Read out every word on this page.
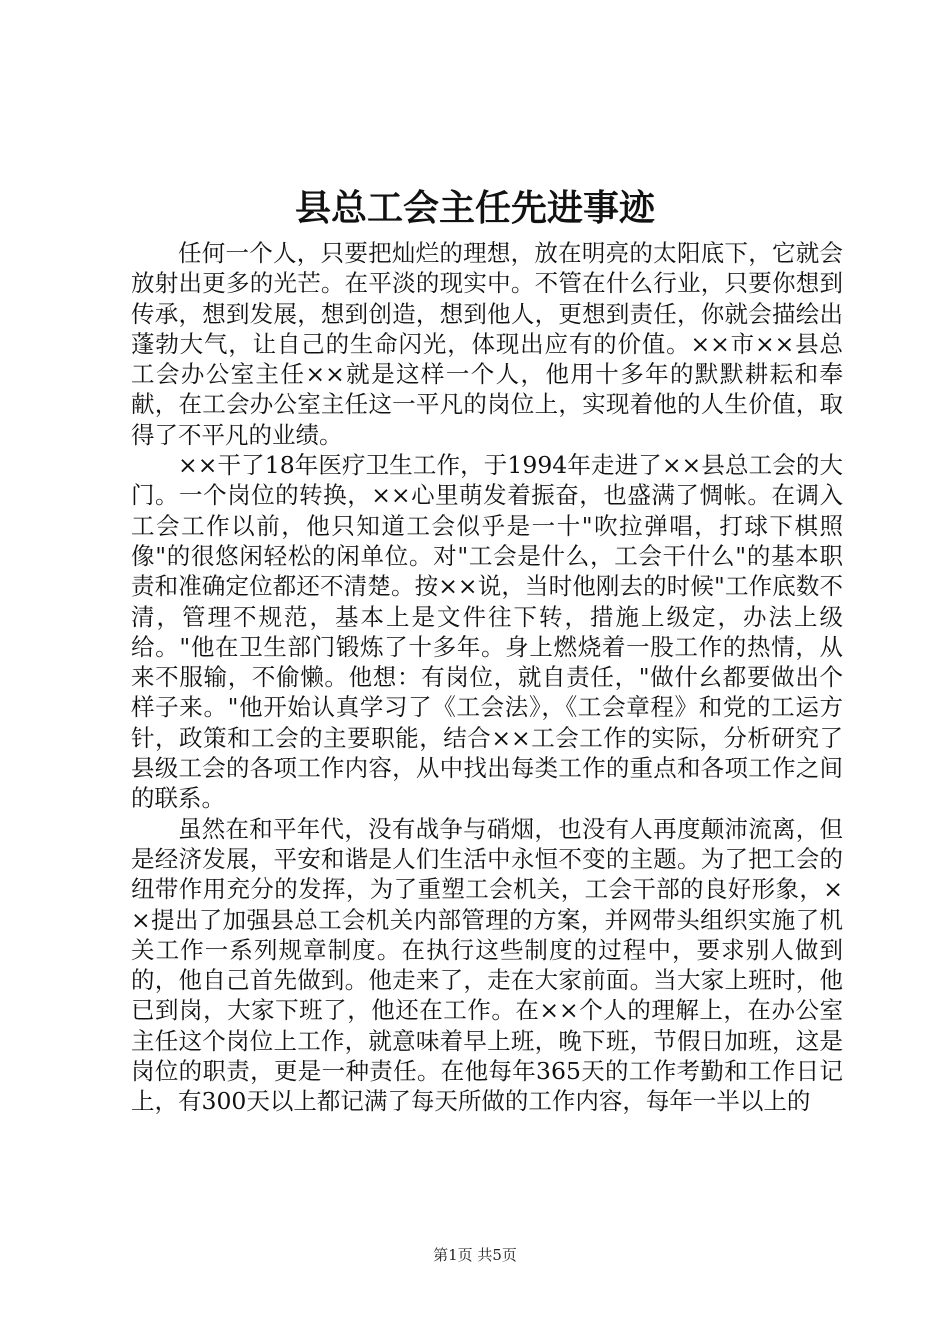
县总工会主任先进事迹

任何一个人，只要把灿烂的理想，放在明亮的太阳底下，它就会放射出更多的光芒。在平淡的现实中。不管在什么行业，只要你想到传承，想到发展，想到创造，想到他人，更想到责任，你就会描绘出蓬勃大气，让自己的生命闪光，体现出应有的价值。××市××县总工会办公室主任××就是这样一个人，他用十多年的默默耕耘和奉献，在工会办公室主任这一平凡的岗位上，实现着他的人生价值，取得了不平凡的业绩。

××干了18年医疗卫生工作，于1994年走进了××县总工会的大门。一个岗位的转换，××心里萌发着振奋，也盛满了惆帐。在调入工会工作以前，他只知道工会似乎是一十"吹拉弹唱，打球下棋照像"的很悠闲轻松的闲单位。对"工会是什么，工会干什么"的基本职责和准确定位都还不清楚。按××说，当时他刚去的时候"工作底数不清，管理不规范，基本上是文件往下转，措施上级定，办法上级给。"他在卫生部门锻炼了十多年。身上燃烧着一股工作的热情，从来不服输，不偷懒。他想：有岗位，就自责任，"做什幺都要做出个样子来。"他开始认真学习了《工会法》，《工会章程》和党的工运方针，政策和工会的主要职能，结合××工会工作的实际，分析研究了县级工会的各项工作内容，从中找出每类工作的重点和各项工作之间的联系。

虽然在和平年代，没有战争与硝烟，也没有人再度颠沛流离，但是经济发展，平安和谐是人们生活中永恒不变的主题。为了把工会的纽带作用充分的发挥，为了重塑工会机关，工会干部的良好形象，××提出了加强县总工会机关内部管理的方案，并网带头组织实施了机关工作一系列规章制度。在执行这些制度的过程中，要求别人做到的，他自己首先做到。他走来了，走在大家前面。当大家上班时，他已到岗，大家下班了，他还在工作。在××个人的理解上，在办公室主任这个岗位上工作，就意味着早上班，晚下班，节假日加班，这是岗位的职责，更是一种责任。在他每年365天的工作考勤和工作日记上，有300天以上都记满了每天所做的工作内容，每年一半以上的

第1页 共5页
